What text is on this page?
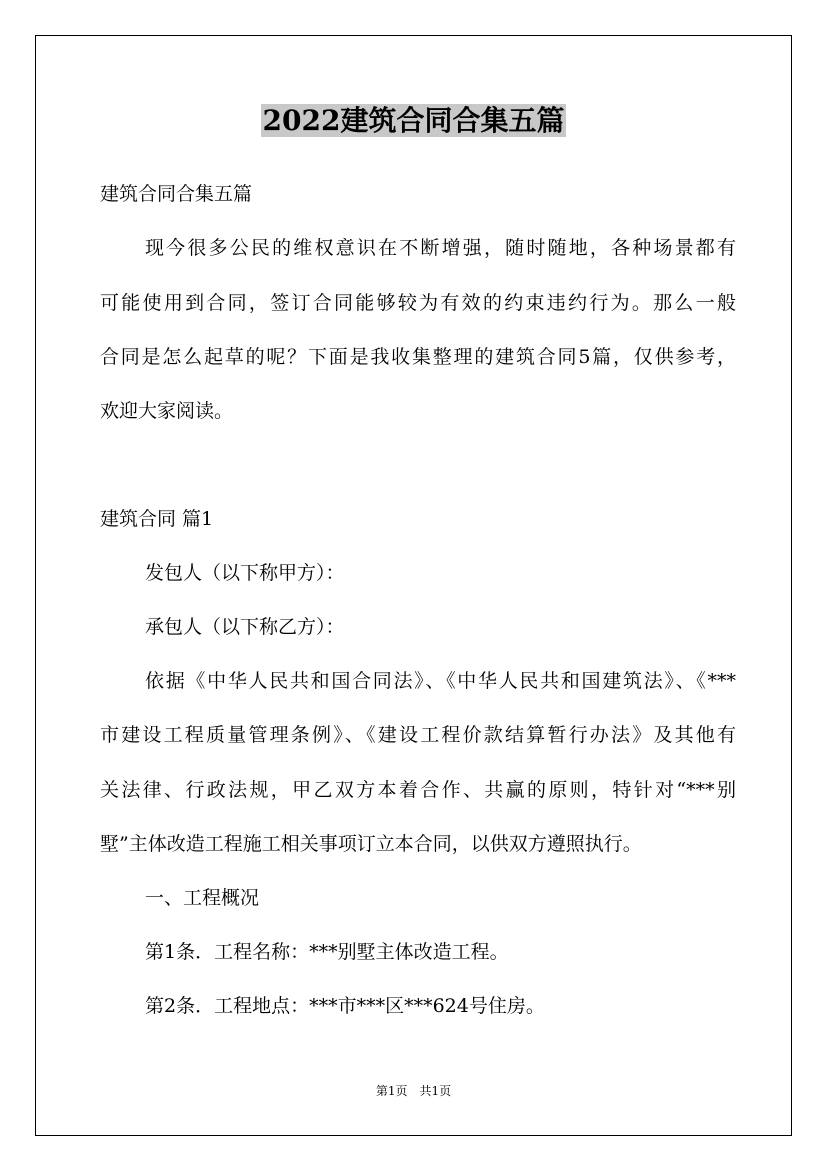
2022建筑合同合集五篇
建筑合同合集五篇
现今很多公民的维权意识在不断增强，随时随地，各种场景都有
可能使用到合同，签订合同能够较为有效的约束违约行为。那么一般
合同是怎么起草的呢？下面是我收集整理的建筑合同5篇，仅供参考，
欢迎大家阅读。
建筑合同 篇1
发包人（以下称甲方）：
承包人（以下称乙方）：
依据《中华人民共和国合同法》、《中华人民共和国建筑法》、《***
市建设工程质量管理条例》、《建设工程价款结算暂行办法》及其他有
关法律、行政法规，甲乙双方本着合作、共赢的原则，特针对“***别
墅”主体改造工程施工相关事项订立本合同，以供双方遵照执行。
一、工程概况
第1条．工程名称：***别墅主体改造工程。
第2条．工程地点：***市***区***624号住房。
第1页　共1页
